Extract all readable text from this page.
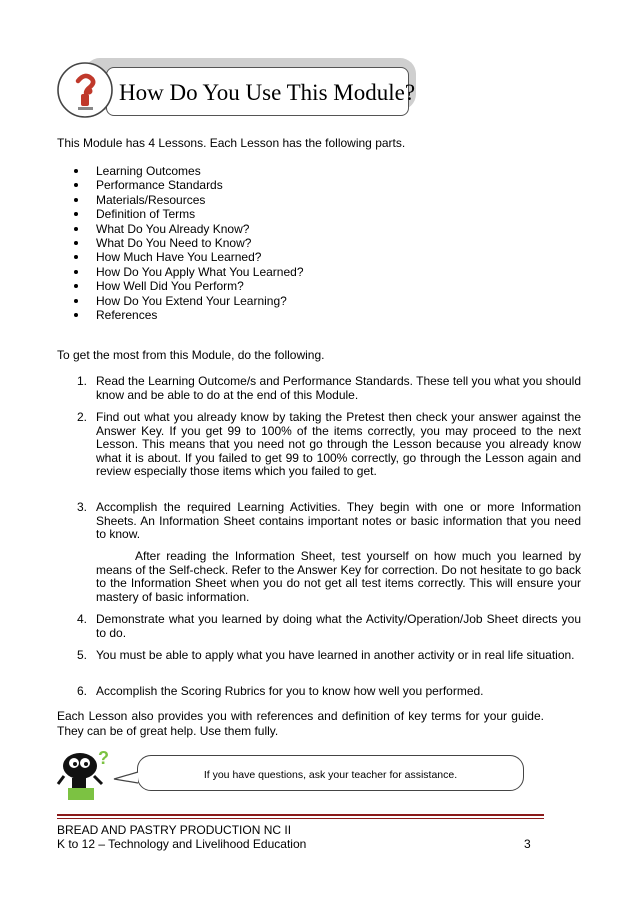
How Do You Use This Module?

This Module has 4 Lessons. Each Lesson has the following parts.

Learning Outcomes
Performance Standards
Materials/Resources
Definition of Terms
What Do You Already Know?
What Do You Need to Know?
How Much Have You Learned?
How Do You Apply What You Learned?
How Well Did You Perform?
How Do You Extend Your Learning?
References

To get the most from this Module, do the following.

1. Read the Learning Outcome/s and Performance Standards. These tell you what you should know and be able to do at the end of this Module.
2. Find out what you already know by taking the Pretest then check your answer against the Answer Key. If you get 99 to 100% of the items correctly, you may proceed to the next Lesson. This means that you need not go through the Lesson because you already know what it is about. If you failed to get 99 to 100% correctly, go through the Lesson again and review especially those items which you failed to get.
3. Accomplish the required Learning Activities. They begin with one or more Information Sheets. An Information Sheet contains important notes or basic information that you need to know.
After reading the Information Sheet, test yourself on how much you learned by means of the Self-check. Refer to the Answer Key for correction. Do not hesitate to go back to the Information Sheet when you do not get all test items correctly. This will ensure your mastery of basic information.
4. Demonstrate what you learned by doing what the Activity/Operation/Job Sheet directs you to do.
5. You must be able to apply what you have learned in another activity or in real life situation.
6. Accomplish the Scoring Rubrics for you to know how well you performed.

Each Lesson also provides you with references and definition of key terms for your guide. They can be of great help. Use them fully.

?
If you have questions, ask your teacher for assistance.
BREAD AND PASTRY PRODUCTION NC II
K to 12 – Technology and Livelihood Education	3
